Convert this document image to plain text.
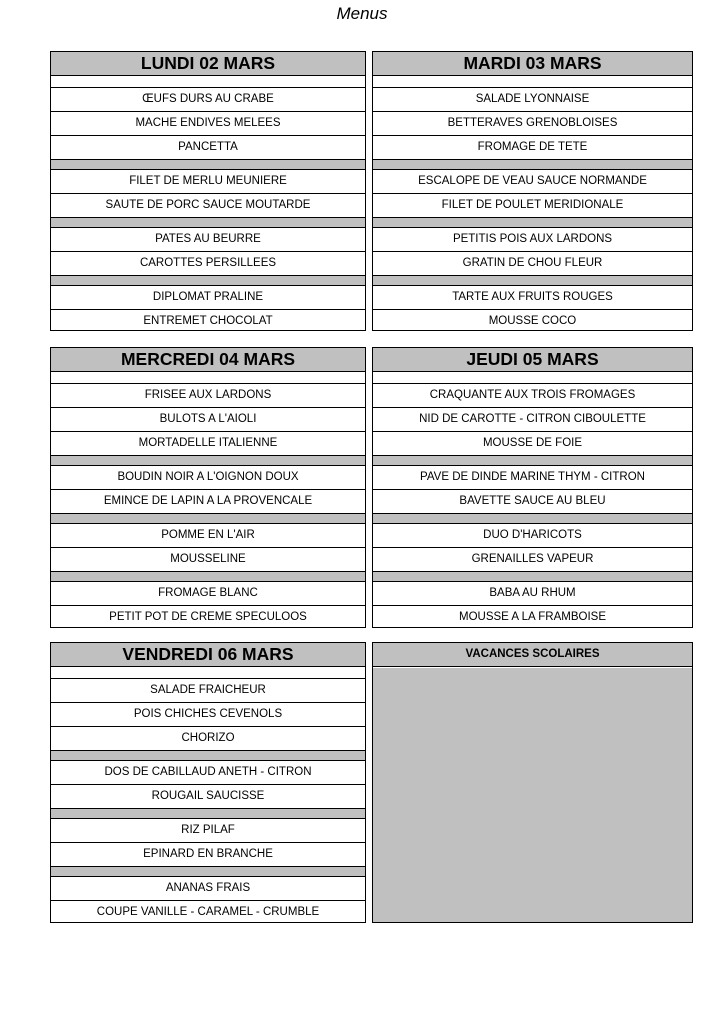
Menus
LUNDI 02 MARS
ŒUFS DURS AU CRABE
MACHE ENDIVES MELEES
PANCETTA
FILET DE MERLU MEUNIERE
SAUTE DE PORC SAUCE MOUTARDE
PATES AU BEURRE
CAROTTES PERSILLEES
DIPLOMAT PRALINE
ENTREMET CHOCOLAT
MARDI 03 MARS
SALADE LYONNAISE
BETTERAVES GRENOBLOISES
FROMAGE DE TETE
ESCALOPE DE VEAU SAUCE NORMANDE
FILET DE POULET MERIDIONALE
PETITIS POIS AUX LARDONS
GRATIN DE CHOU FLEUR
TARTE AUX FRUITS ROUGES
MOUSSE COCO
MERCREDI 04 MARS
FRISEE AUX LARDONS
BULOTS A L'AIOLI
MORTADELLE ITALIENNE
BOUDIN NOIR A L'OIGNON DOUX
EMINCE DE LAPIN A LA PROVENCALE
POMME EN L'AIR
MOUSSELINE
FROMAGE BLANC
PETIT POT DE CREME SPECULOOS
JEUDI 05 MARS
CRAQUANTE AUX TROIS FROMAGES
NID DE CAROTTE - CITRON CIBOULETTE
MOUSSE DE FOIE
PAVE DE DINDE MARINE THYM - CITRON
BAVETTE SAUCE AU BLEU
DUO D'HARICOTS
GRENAILLES VAPEUR
BABA AU RHUM
MOUSSE A LA FRAMBOISE
VENDREDI 06 MARS
SALADE FRAICHEUR
POIS CHICHES CEVENOLS
CHORIZO
DOS DE CABILLAUD ANETH - CITRON
ROUGAIL SAUCISSE
RIZ PILAF
EPINARD EN BRANCHE
ANANAS FRAIS
COUPE VANILLE - CARAMEL - CRUMBLE
VACANCES SCOLAIRES
